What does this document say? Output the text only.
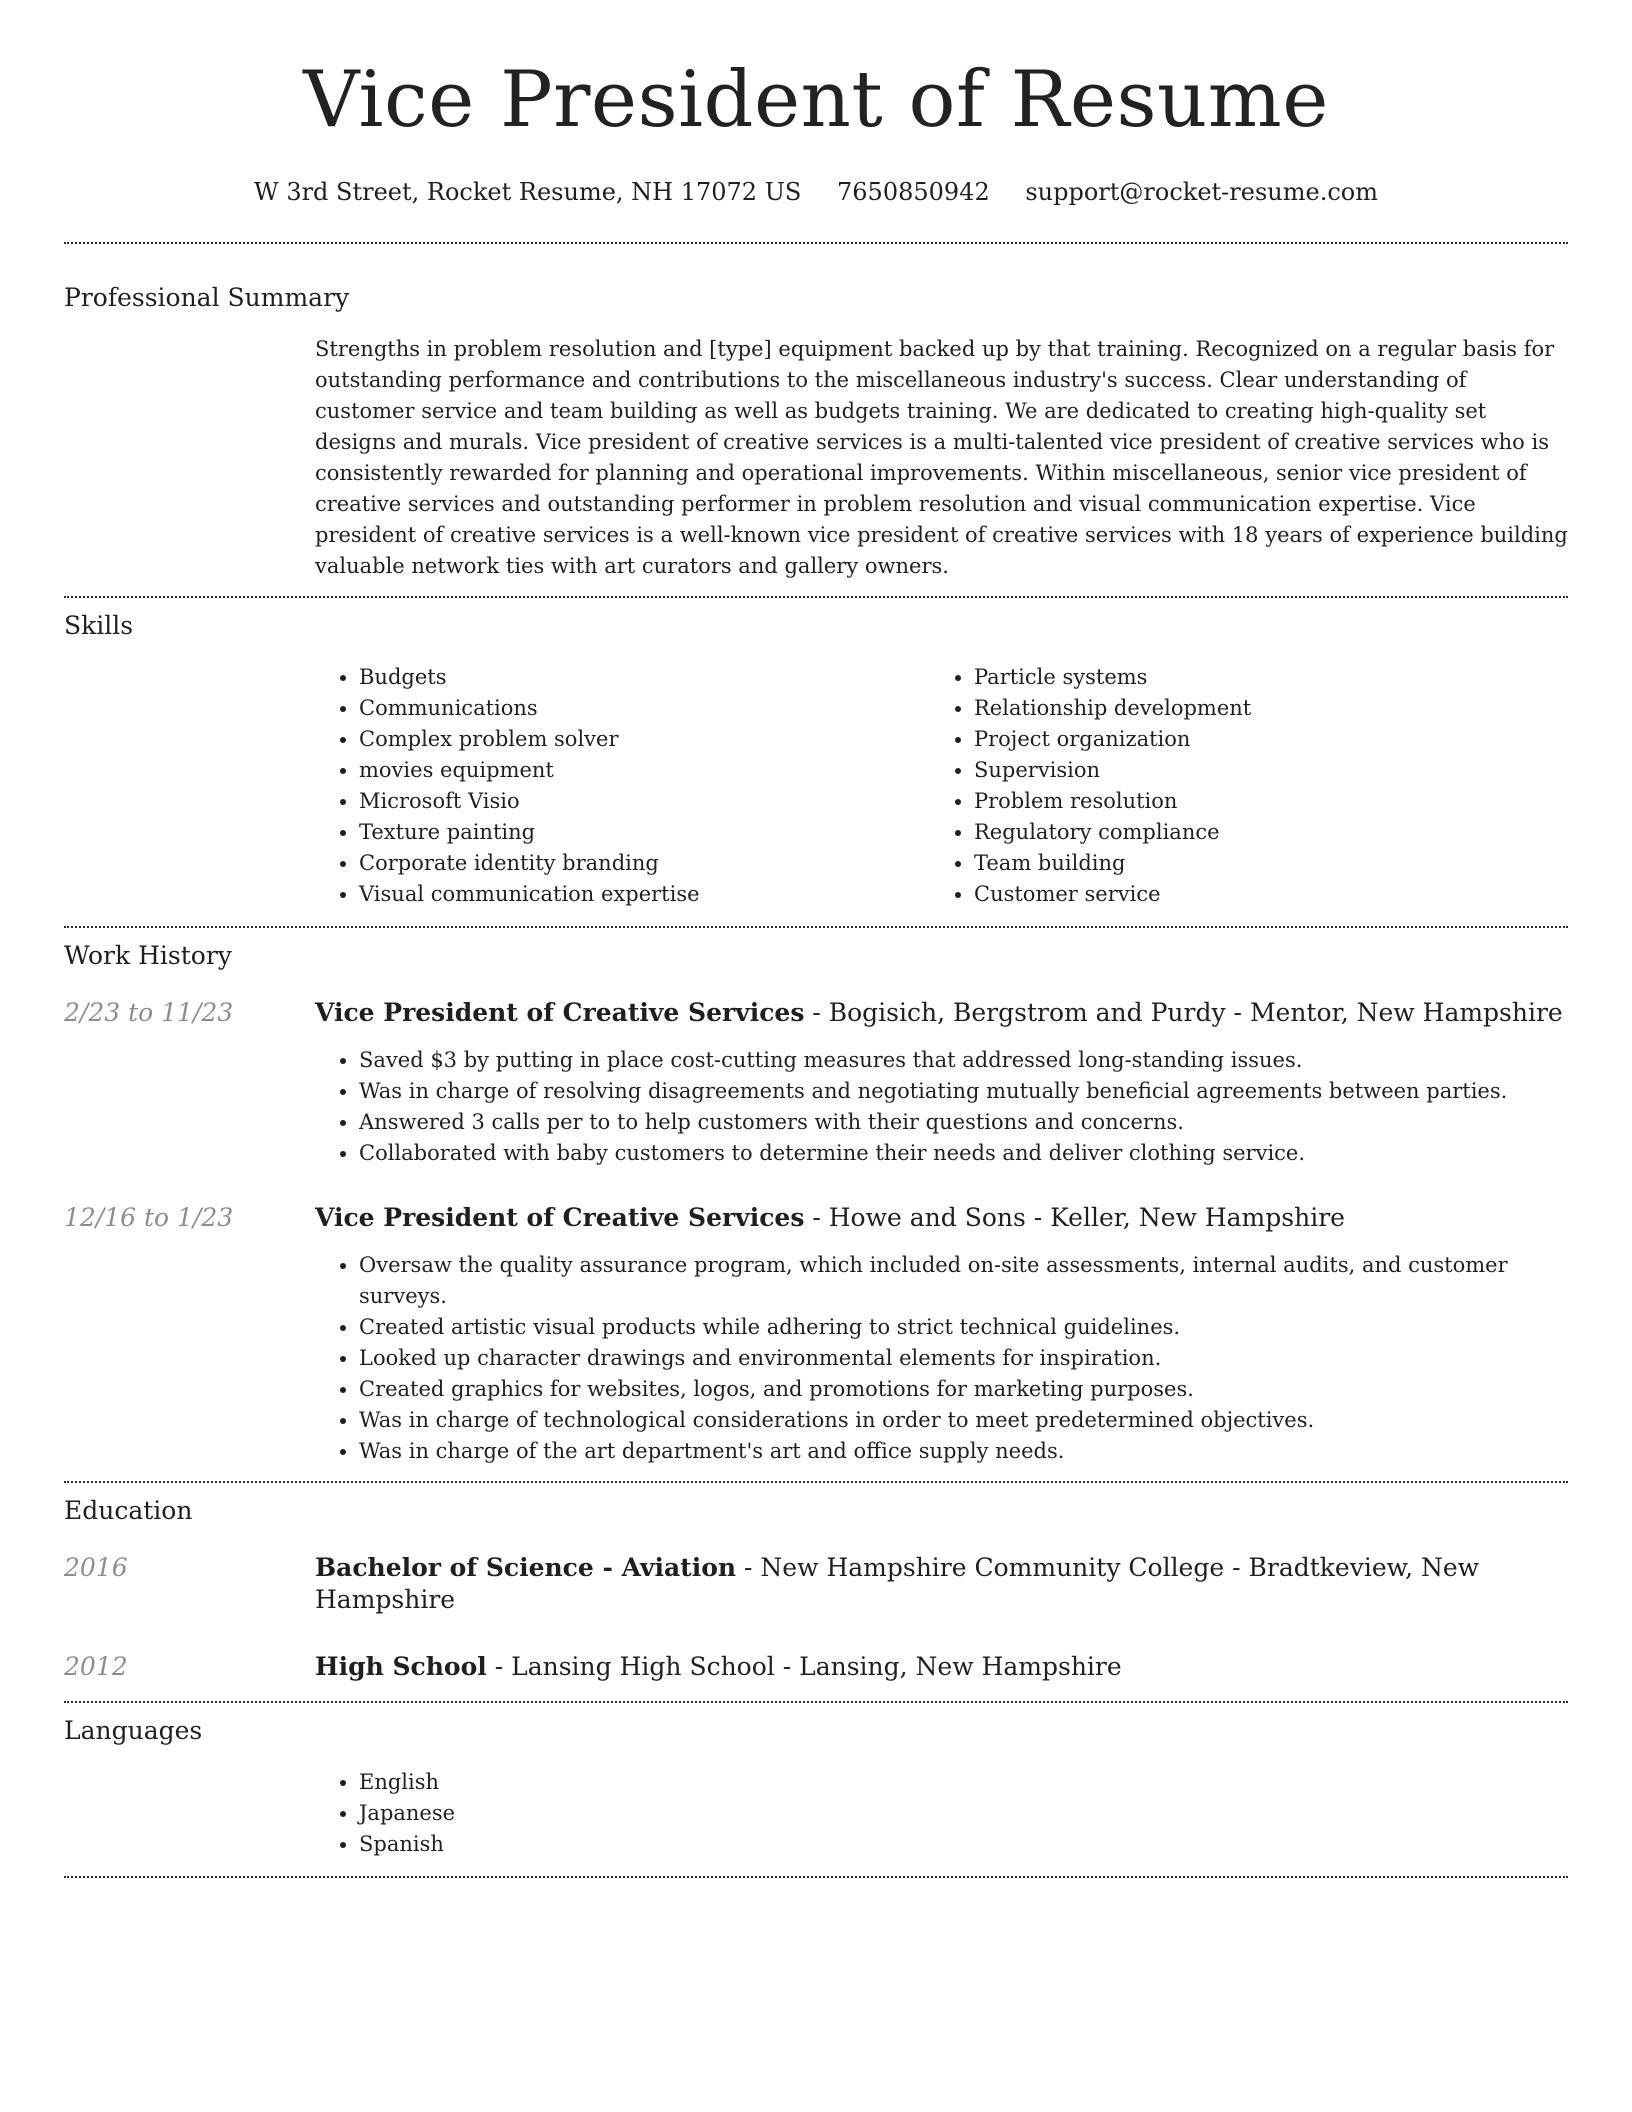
Vice President of Resume
W 3rd Street, Rocket Resume, NH 17072 US 7650850942 support@rocket-resume.com
Professional Summary

Strengths in problem resolution and [type] equipment backed up by that training. Recognized on a regular basis for outstanding performance and contributions to the miscellaneous industry's success. Clear understanding of customer service and team building as well as budgets training. We are dedicated to creating high-quality set designs and murals. Vice president of creative services is a multi-talented vice president of creative services who is consistently rewarded for planning and operational improvements. Within miscellaneous, senior vice president of creative services and outstanding performer in problem resolution and visual communication expertise. Vice president of creative services is a well-known vice president of creative services with 18 years of experience building valuable network ties with art curators and gallery owners.

Skills
• Budgets
• Communications
• Complex problem solver
• movies equipment
• Microsoft Visio
• Texture painting
• Corporate identity branding
• Visual communication expertise
• Particle systems
• Relationship development
• Project organization
• Supervision
• Problem resolution
• Regulatory compliance
• Team building
• Customer service
Work History
2/23 to 11/23	Vice President of Creative Services - Bogisich, Bergstrom and Purdy - Mentor, New Hampshire

• Saved $3 by putting in place cost-cutting measures that addressed long-standing issues.
• Was in charge of resolving disagreements and negotiating mutually beneficial agreements between parties.
• Answered 3 calls per to to help customers with their questions and concerns.
• Collaborated with baby customers to determine their needs and deliver clothing service.
12/16 to 1/23	Vice President of Creative Services - Howe and Sons - Keller, New Hampshire

• Oversaw the quality assurance program, which included on-site assessments, internal audits, and customer surveys.
• Created artistic visual products while adhering to strict technical guidelines.
• Looked up character drawings and environmental elements for inspiration.
• Created graphics for websites, logos, and promotions for marketing purposes.
• Was in charge of technological considerations in order to meet predetermined objectives.
• Was in charge of the art department's art and office supply needs.
Education
2016	Bachelor of Science - Aviation - New Hampshire Community College - Bradtkeview, New Hampshire

2012	High School - Lansing High School - Lansing, New Hampshire

Languages
• English
• Japanese
• Spanish
